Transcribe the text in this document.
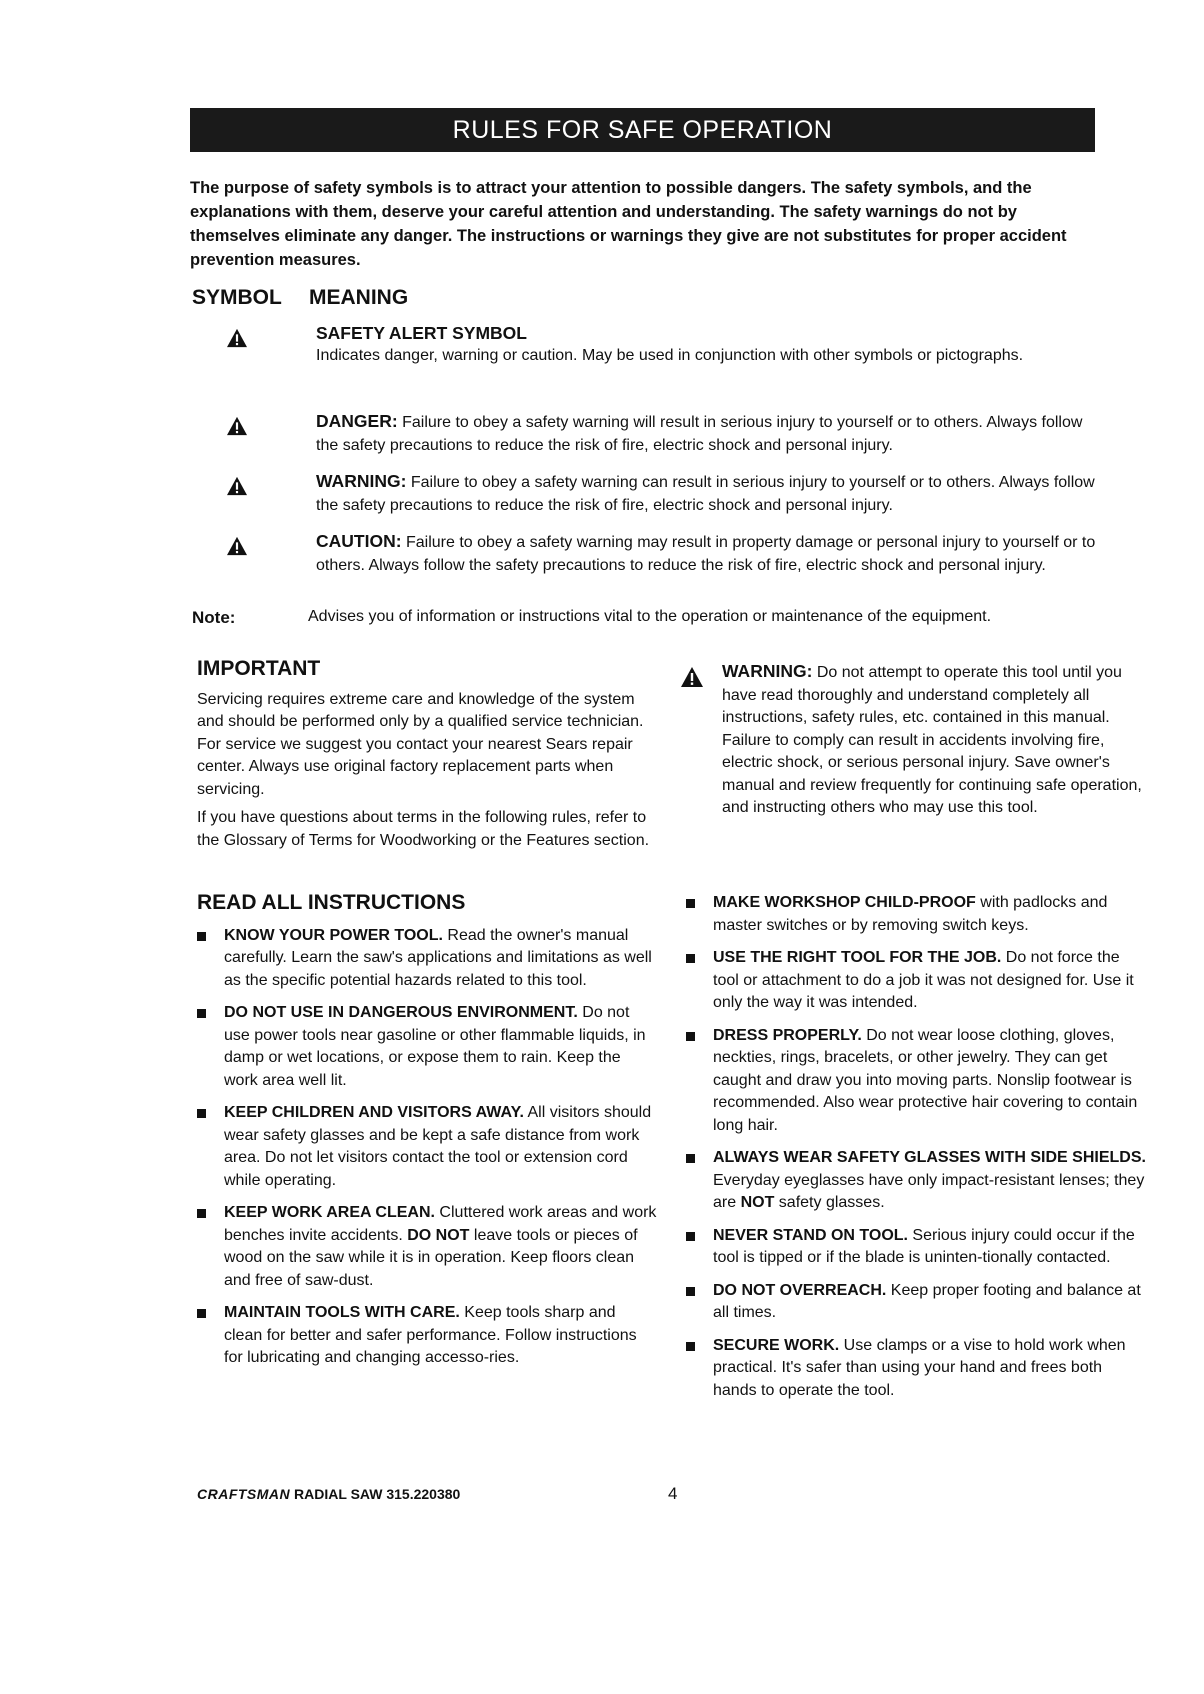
RULES FOR SAFE OPERATION

The purpose of safety symbols is to attract your attention to possible dangers. The safety symbols, and the explanations with them, deserve your careful attention and understanding. The safety warnings do not by themselves eliminate any danger. The instructions or warnings they give are not substitutes for proper accident prevention measures.

SYMBOL MEANING
SAFETY ALERT SYMBOL
Indicates danger, warning or caution. May be used in conjunction with other symbols or pictographs.
DANGER: Failure to obey a safety warning will result in serious injury to yourself or to others. Always follow the safety precautions to reduce the risk of fire, electric shock and personal injury.
WARNING: Failure to obey a safety warning can result in serious injury to yourself or to others. Always follow the safety precautions to reduce the risk of fire, electric shock and personal injury.
CAUTION: Failure to obey a safety warning may result in property damage or personal injury to yourself or to others. Always follow the safety precautions to reduce the risk of fire, electric shock and personal injury.
Note:	Advises you of information or instructions vital to the operation or maintenance of the equipment.
IMPORTANT

Servicing requires extreme care and knowledge of the system and should be performed only by a qualified service technician. For service we suggest you contact your nearest Sears repair center. Always use original factory replacement parts when servicing.

If you have questions about terms in the following rules, refer to the Glossary of Terms for Woodworking or the Features section.

WARNING: Do not attempt to operate this tool until you have read thoroughly and understand completely all instructions, safety rules, etc. contained in this manual. Failure to comply can result in accidents involving fire, electric shock, or serious personal injury. Save owner's manual and review frequently for continuing safe operation, and instructing others who may use this tool.
READ ALL INSTRUCTIONS
KNOW YOUR POWER TOOL. Read the owner's manual carefully. Learn the saw's applications and limitations as well as the specific potential hazards related to this tool.
DO NOT USE IN DANGEROUS ENVIRONMENT. Do not use power tools near gasoline or other flammable liquids, in damp or wet locations, or expose them to rain. Keep the work area well lit.
KEEP CHILDREN AND VISITORS AWAY. All visitors should wear safety glasses and be kept a safe distance from work area. Do not let visitors contact the tool or extension cord while operating.
KEEP WORK AREA CLEAN. Cluttered work areas and work benches invite accidents. DO NOT leave tools or pieces of wood on the saw while it is in operation. Keep floors clean and free of saw-dust.
MAINTAIN TOOLS WITH CARE. Keep tools sharp and clean for better and safer performance. Follow instructions for lubricating and changing accesso-ries.
MAKE WORKSHOP CHILD-PROOF with padlocks and master switches or by removing switch keys.
USE THE RIGHT TOOL FOR THE JOB. Do not force the tool or attachment to do a job it was not designed for. Use it only the way it was intended.
DRESS PROPERLY. Do not wear loose clothing, gloves, neckties, rings, bracelets, or other jewelry. They can get caught and draw you into moving parts. Nonslip footwear is recommended. Also wear protective hair covering to contain long hair.
ALWAYS WEAR SAFETY GLASSES WITH SIDE SHIELDS. Everyday eyeglasses have only impact-resistant lenses; they are NOT safety glasses.
NEVER STAND ON TOOL. Serious injury could occur if the tool is tipped or if the blade is uninten-tionally contacted.
DO NOT OVERREACH. Keep proper footing and balance at all times.
SECURE WORK. Use clamps or a vise to hold work when practical. It's safer than using your hand and frees both hands to operate the tool.
CRAFTSMAN RADIAL SAW 315.220380	4
